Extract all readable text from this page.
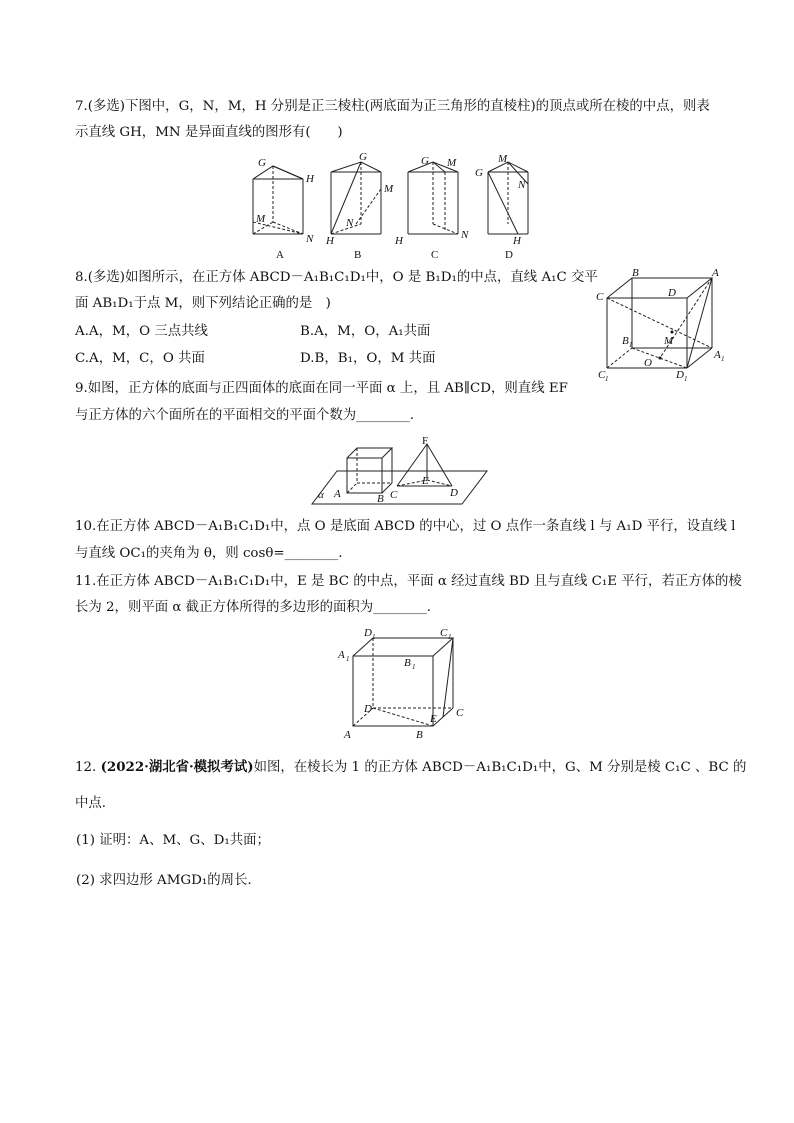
7.(多选)下图中，G，N，M，H 分别是正三棱柱(两底面为正三角形的直棱柱)的顶点或所在棱的中点，则表
示直线 GH，MN 是异面直线的图形有(　　)
G
H
M
N
A
G
H
M
N
B
G M
H	N
C
G
M
N
H
D
8.(多选)如图所示，在正方体 ABCD－A₁B₁C₁D₁中，O 是 B₁D₁的中点，直线 A₁C 交平
面 AB₁D₁于点 M，则下列结论正确的是　)
A.A，M，O 三点共线	B.A，M，O，A₁共面
C.A，M，C，O 共面	D.B，B₁，O，M 共面
B	A
C	D
B 1	M
O
A 1
C 1	D 1
9.如图，正方体的底面与正四面体的底面在同一平面 α 上，且 AB∥CD，则直线 EF
与正方体的六个面所在的平面相交的平面个数为________.
F
E
α A	B C	D
10.在正方体 ABCD－A₁B₁C₁D₁中，点 O 是底面 ABCD 的中心，过 O 点作一条直线 l 与 A₁D 平行，设直线 l
与直线 OC₁的夹角为 θ，则 cosθ=________.
11.在正方体 ABCD－A₁B₁C₁D₁中，E 是 BC 的中点，平面 α 经过直线 BD 且与直线 C₁E 平行，若正方体的棱
长为 2，则平面 α 截正方体所得的多边形的面积为________.
D 1	C 1
A 1	B 1
D
E C
A	B
12. (2022·湖北省·模拟考试)如图，在棱长为 1 的正方体 ABCD－A₁B₁C₁D₁中，G、M 分别是棱 C₁C 、BC 的
中点.
(1) 证明：A、M、G、D₁共面；
(2) 求四边形 AMGD₁的周长.
